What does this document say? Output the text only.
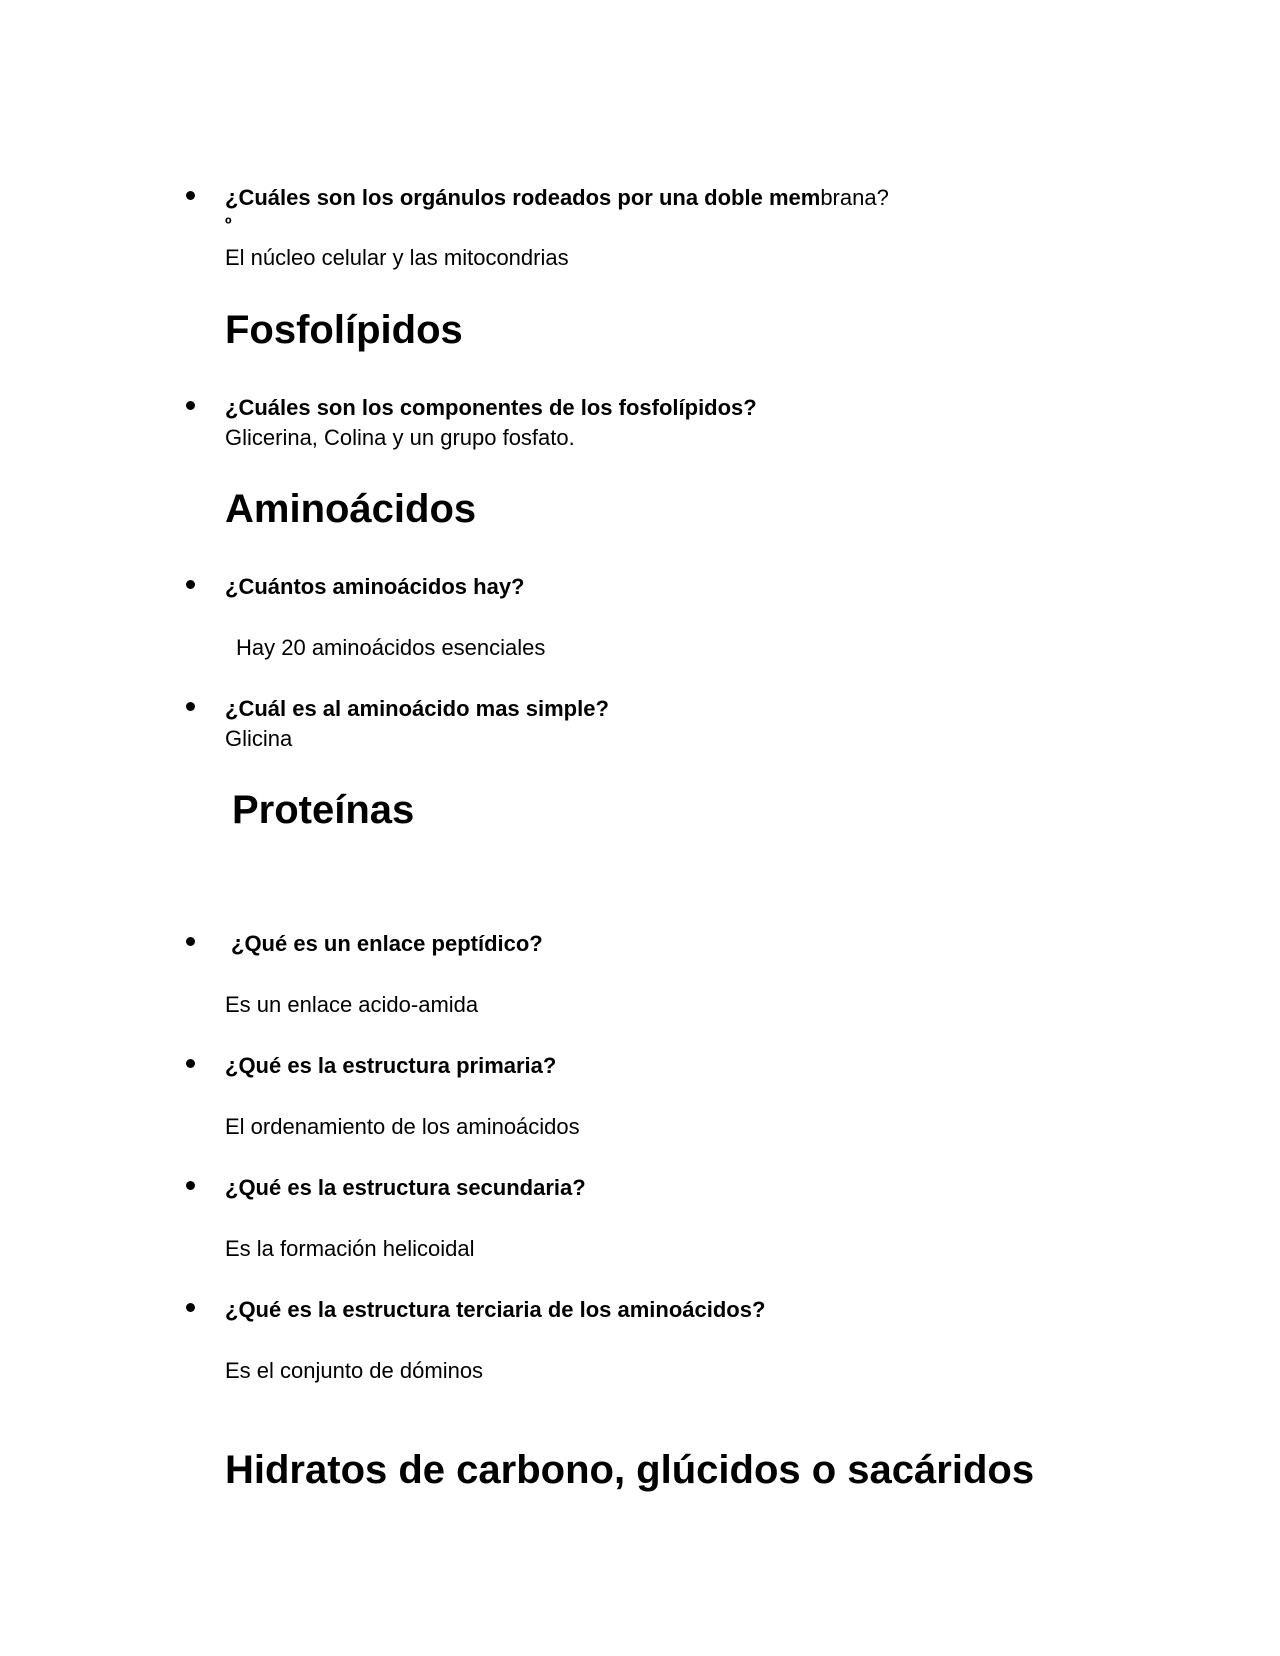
¿Cuáles son los orgánulos rodeados por una doble membrana?
º
El núcleo celular y las mitocondrias
Fosfolípidos
¿Cuáles son los componentes de los fosfolípidos?
Glicerina, Colina y un grupo fosfato.
Aminoácidos
¿Cuántos aminoácidos hay?
Hay 20 aminoácidos esenciales
¿Cuál es al aminoácido mas simple?
Glicina
Proteínas
¿Qué es un enlace peptídico?
Es un enlace acido-amida
¿Qué es la estructura primaria?
El ordenamiento de los aminoácidos
¿Qué es la estructura secundaria?
Es la formación helicoidal
¿Qué es la estructura terciaria de los aminoácidos?
Es el conjunto de dóminos
Hidratos de carbono, glúcidos o sacáridos
